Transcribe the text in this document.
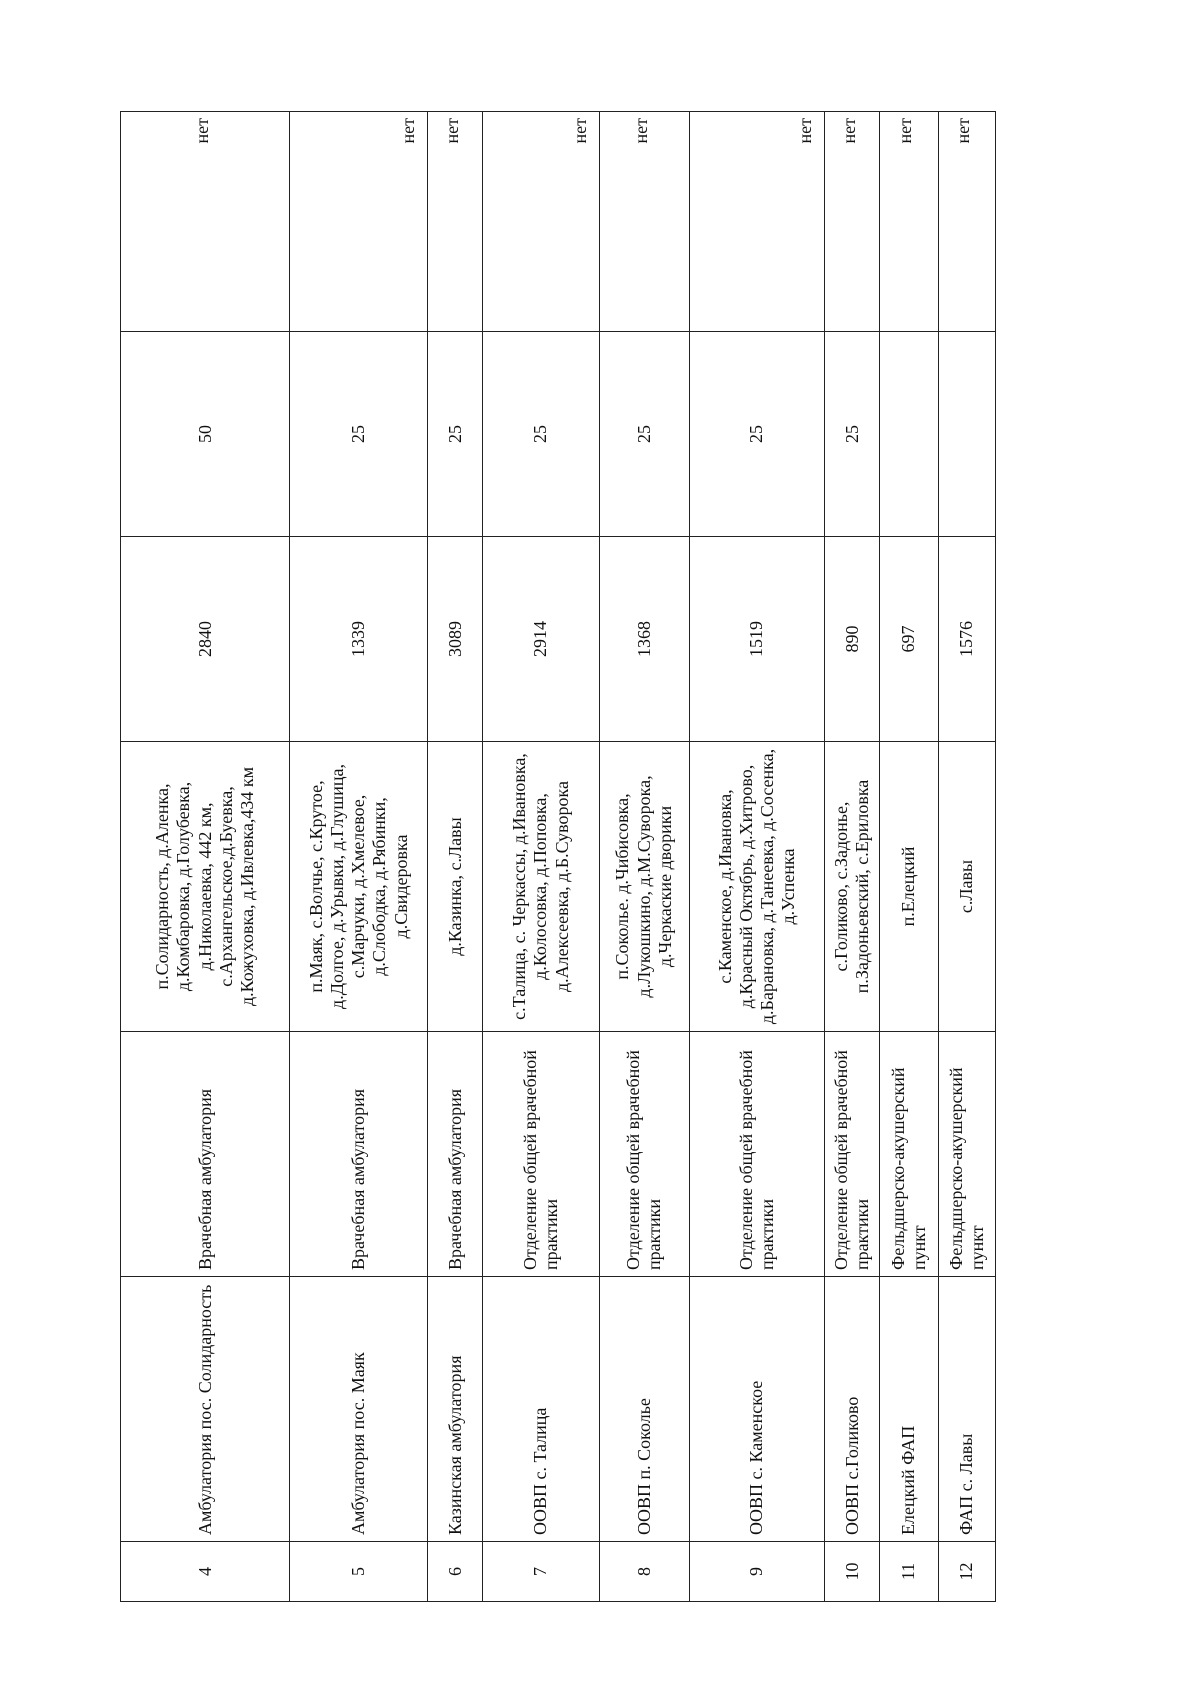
4	Амбулатория пос. Солидарность	Врачебная амбулатория	п.Солидарность, д.Аленка, д.Комбаровка, д.Голубевка, д.Николаевка, 442 км, с.Архангельское,д.Буевка, д.Кожуховка, д.Ивлевка,434 км	2840	50	нет
5	Амбулатория пос. Маяк	Врачебная амбулатория	п.Маяк, с.Волчье, с.Крутое, д.Долгое, д.Урывки, д.Глушица, с.Марчуки, д.Хмелевое, д.Слободка, д.Рябинки, д.Свидеровка	1339	25	нет
6	Казинская амбулатория	Врачебная амбулатория	д.Казинка, с.Лавы	3089	25	нет
7	ООВП с. Талица	Отделение общей врачебной практики	с.Талица, с. Черкассы, д.Ивановка, д.Колосовка, д.Поповка, д.Алексеевка, д.Б.Суворока	2914	25	нет
8	ООВП п. Соколье	Отделение общей врачебной практики	п.Соколье. д.Чибисовка, д.Лукошкино, д.М.Суворока, д.Черкаские дворики	1368	25	нет
9	ООВП с. Каменское	Отделение общей врачебной практики	с.Каменское, д.Ивановка, д.Красный Октябрь, д.Хитрово, д.Барановка, д.Танеевка, д.Сосенка, д.Успенка	1519	25	нет
10	ООВП с.Голиково	Отделение общей врачебной практики	с.Голиково, с.Задонье, п.Задоньевский, с.Ериловка	890	25	нет
11	Елецкий ФАП	Фельдшерско-акушерский пункт	п.Елецкий	697		нет
12	ФАП с. Лавы	Фельдшерско-акушерский пункт	с.Лавы	1576		нет
